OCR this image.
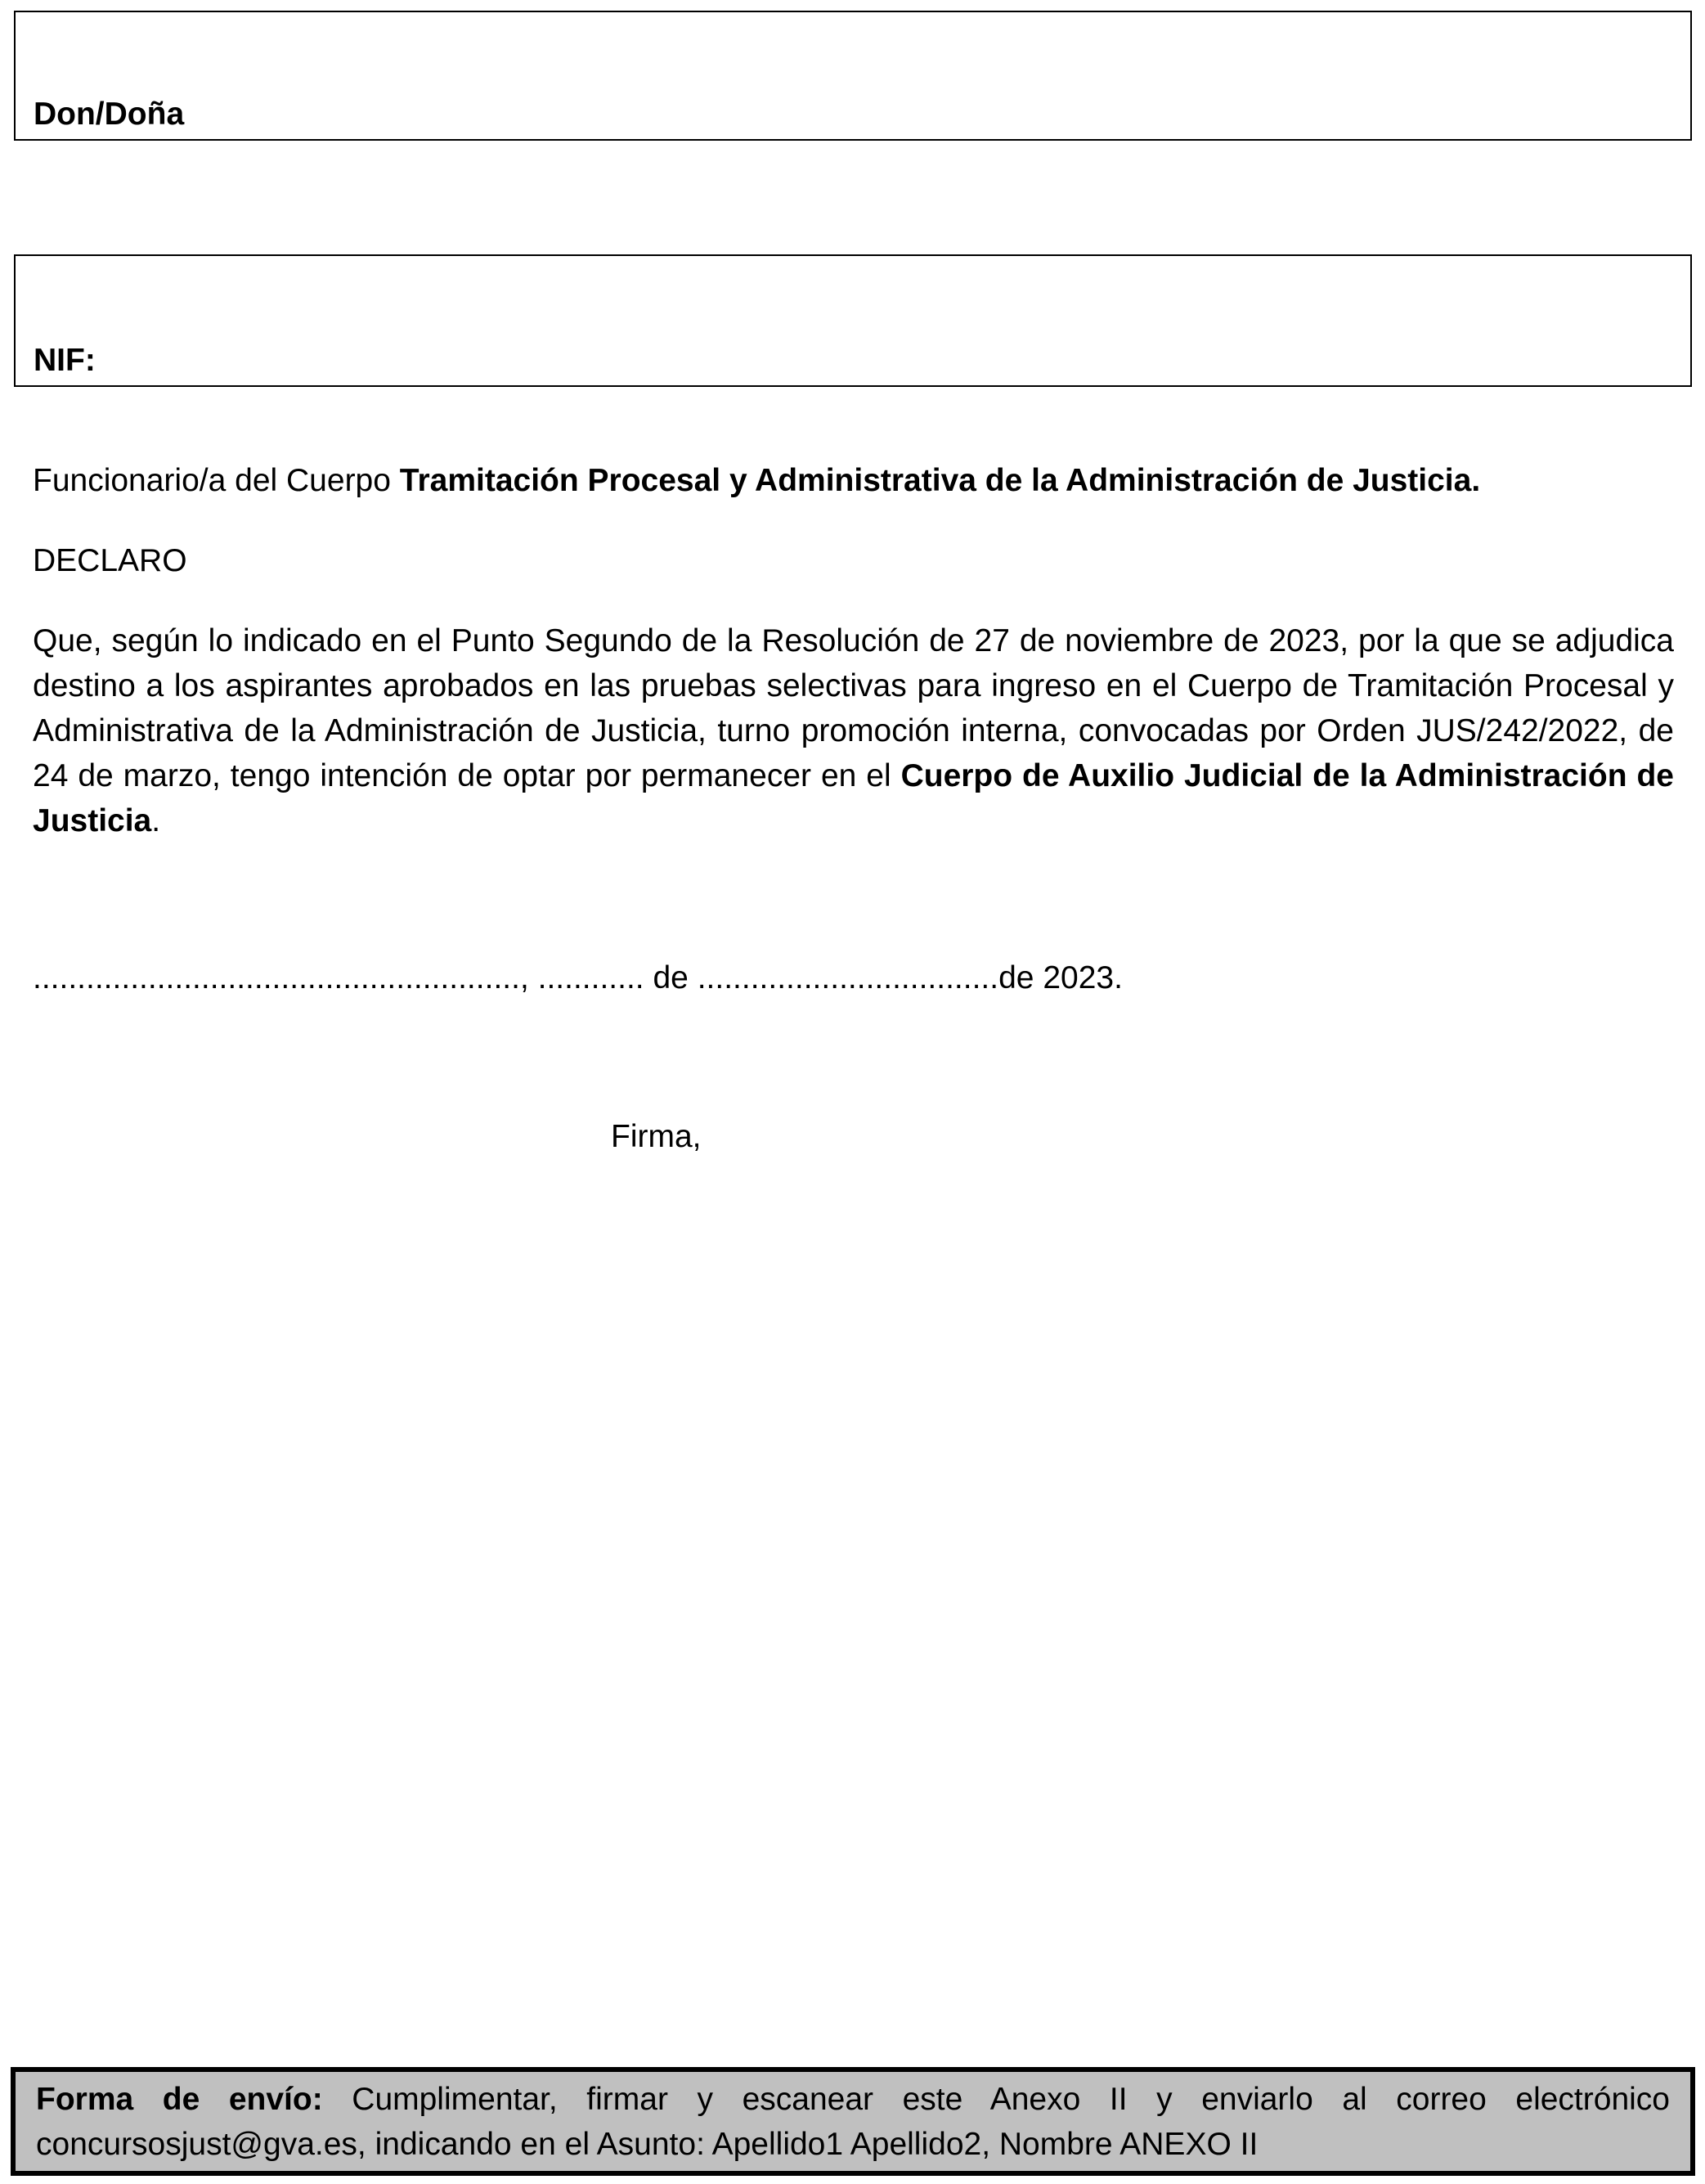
Don/Doña
NIF:
Funcionario/a del Cuerpo Tramitación Procesal y Administrativa de la Administración de Justicia.
DECLARO
Que, según lo indicado en el Punto Segundo de la Resolución de 27 de noviembre de 2023, por la que se adjudica destino a los aspirantes aprobados en las pruebas selectivas para ingreso en el Cuerpo de Tramitación Procesal y Administrativa de la Administración de Justicia, turno promoción interna, convocadas por Orden JUS/242/2022, de 24 de marzo, tengo intención de optar por permanecer en el Cuerpo de Auxilio Judicial de la Administración de Justicia.
......................................................., ............ de ..................................de 2023.
Firma,
Forma de envío: Cumplimentar, firmar y escanear este Anexo II y enviarlo al correo electrónico concursosjust@gva.es, indicando en el Asunto: Apellido1 Apellido2, Nombre ANEXO II
